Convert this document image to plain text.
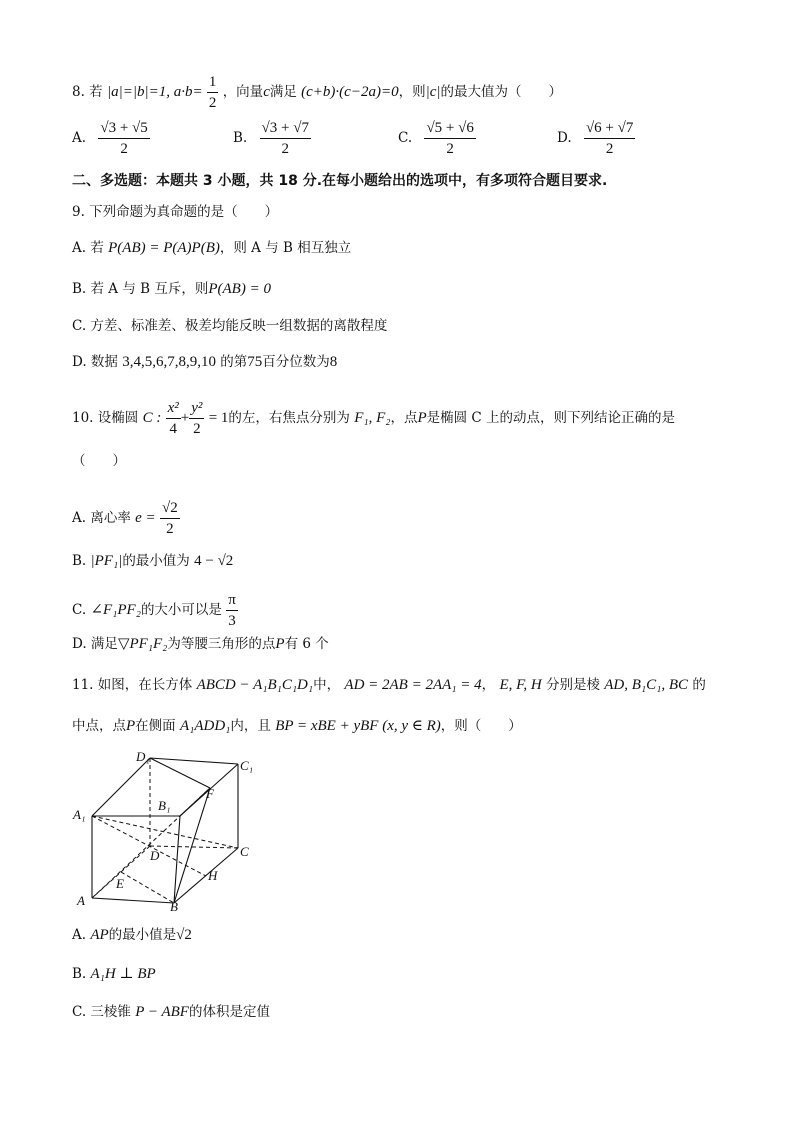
8. 若 |a|=|b|=1, $a\cdot b= \frac{1}{2}$ ，向量c满足 (c+b)·(c−2a)=0，则|c|的最大值为（　　）
A. $\frac{√3 + √5}{2}$	B. $\frac{√3 + √7}{2}$	C. $\frac{√5 + √6}{2}$	D. $\frac{√6 + √7}{2}$
二、多选题：本题共 3 小题，共 18 分.在每小题给出的选项中，有多项符合题目要求.
9. 下列命题为真命题的是（　　）
A. 若 P(AB) = P(A)P(B)，则 A 与 B 相互独立
B. 若 A 与 B 互斥，则P(AB) = 0
C. 方差、标准差、极差均能反映一组数据的离散程度
D. 数据 3,4,5,6,7,8,9,10 的第75百分位数为8
10. 设椭圆 C : $\frac{\text{x²}}{4} + \frac{\text{y²}}{2} = 1$的左，右焦点分别为 F₁, F₂，点P是椭圆 C 上的动点，则下列结论正确的是
（　　）
A. 离心率 $e = \frac{√2}{2}$
B. |PF₁|的最小值为 4 − √2
C. ∠F₁PF₂的大小可以是 $\frac{\pi}{3}$
D. 满足▽PF₁F₂为等腰三角形的点P有 6 个
11. 如图，在长方体 ABCD − A₁B₁C₁D₁中， AD = 2AB = 2AA₁ = 4， E, F, H 分别是棱 AD, B₁C₁, BC 的
中点，点P在侧面 A₁ADD₁内，且 BP = xBE + yBF (x, y ∈ R)，则（　　）
D₁
C₁
B₁
A₁
F
D	C
E
H
A	B
A. AP的最小值是√2
B. A₁H ⊥ BP
C. 三棱锥 P − ABF的体积是定值
